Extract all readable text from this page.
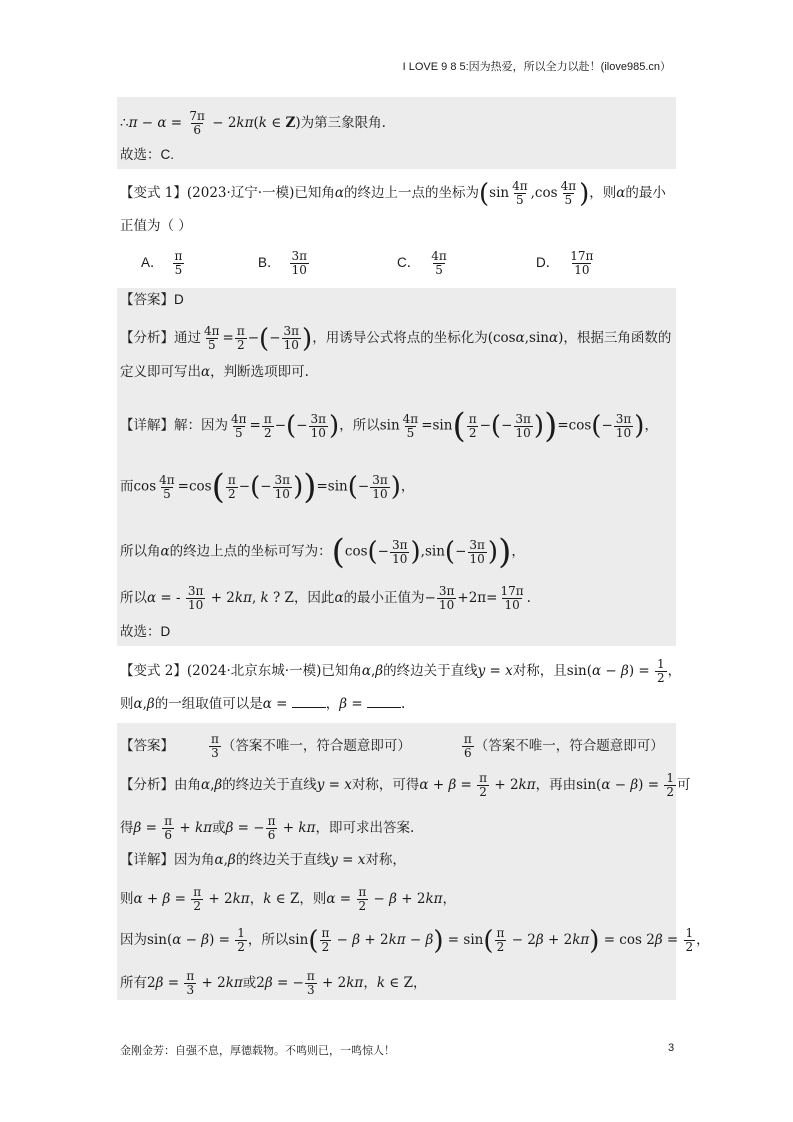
I LOVE 9 8 5:因为热爱，所以全力以赴！(ilove985.cn）
∴π − $\alpha = \frac{7\pi}{6} - 2k\pi(k$ ∈ Z)为第三象限角.
故选：C.
【变式 1】(2023·辽宁·一模)已知角α的终边上一点的坐标为($\sin \frac{4\pi}{5} ,\cos \frac{4\pi}{5}$ )，则α的最小
正值为（ ）
A． $\frac{\pi}{5}$	B． $\frac{3\pi}{10}$	C． $\frac{4\pi}{5}$	D． $\frac{17\pi}{10}$
【答案】D
【分析】通过 $\frac{4\pi}{5} = \frac{\pi}{2}$ −(− $\frac{3\pi}{10}$ )，用诱导公式将点的坐标化为(cosα,sinα)，根据三角函数的
定义即可写出α，判断选项即可.
【详解】解：因为 $\frac{4\pi}{5} = \frac{\pi}{2}$ −(− $\frac{3\pi}{10}$ )，所以$\sin \frac{4\pi}{5} =\sin( \frac{\pi}{2}$ −(− $\frac{3\pi}{10} ))=\cos(- \frac{3\pi}{10}$ )，
而$\cos \frac{4\pi}{5} =\cos( \frac{\pi}{2}$ −(− $\frac{3\pi}{10} ))=\sin(- \frac{3\pi}{10}$ )，
所以角α的终边上点的坐标可写为：($\cos(- \frac{3\pi}{10} ),\sin(- \frac{3\pi}{10}$ ))，
所以α = - $\frac{3\pi}{10} + 2k\pi$, k ? Z，因此α的最小正值为− $\frac{3\pi}{10} +2\pi= \frac{17\pi}{10}$ .
故选：D
【变式 2】(2024·北京东城·一模)已知角α,β的终边关于直线y = x对称，且$\sin(\alpha - \beta) = \frac{1}{2}$ ，
则α,β的一组取值可以是α =	，β =	.
【答案】	$\frac{\pi}{3}$ （答案不唯一，符合题意即可）	$\frac{\pi}{6}$ （答案不唯一，符合题意即可）
【分析】由角α,β的终边关于直线y = x对称，可得$\alpha + \beta = \frac{\pi}{2} + 2k\pi$，再由$\sin(\alpha - \beta) = \frac{1}{2}$ 可
得$\beta = \frac{\pi}{6} + k\pi$或β = − $\frac{\pi}{6} + k\pi$，即可求出答案.
【详解】因为角α,β的终边关于直线y = x对称，
则$\alpha + \beta = \frac{\pi}{2} + 2k\pi$，k ∈ Z，则$\alpha = \frac{\pi}{2} - \beta + 2k\pi$，
因为$\sin(\alpha - \beta) = \frac{1}{2}$ ，所以$\sin( \frac{\pi}{2} - \beta + 2k\pi - \beta) = \sin( \frac{\pi}{2} - 2\beta + 2k\pi) = \cos 2\beta = \frac{1}{2}$ ，
所有$2\beta = \frac{\pi}{3} + 2k\pi$或2β = − $\frac{\pi}{3} + 2k\pi$，k ∈ Z，
金刚金芳：自强不息，厚德载物。不鸣则已，一鸣惊人！	3
